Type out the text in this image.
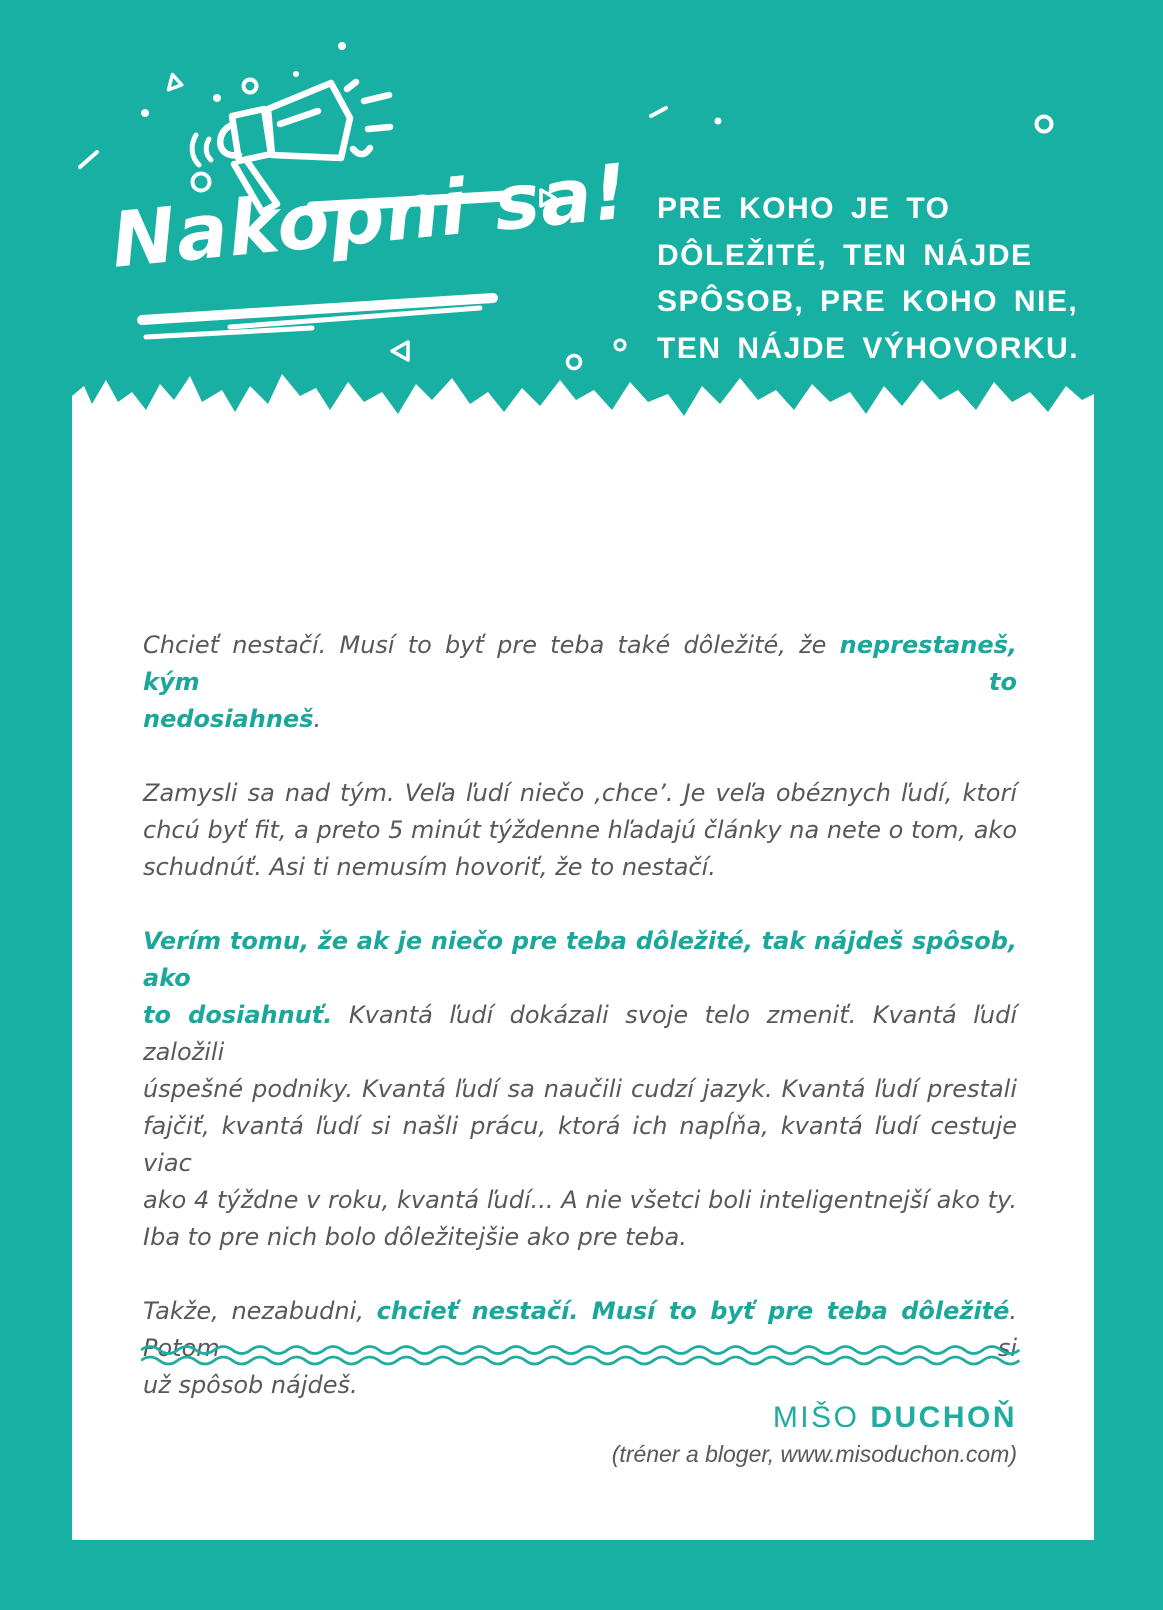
Nakopni sa! PRE KOHO JE TO
DÔLEŽITÉ, TEN NÁJDE
SPÔSOB, PRE KOHO NIE,
TEN NÁJDE VÝHOVORKU.

Chcieť nestačí. Musí to byť pre teba také dôležité, že neprestaneš, kým to
nedosiahneš.

Zamysli sa nad tým. Veľa ľudí niečo ‚chce’. Je veľa obéznych ľudí, ktorí
chcú byť fit, a preto 5 minút týždenne hľadajú články na nete o tom, ako
schudnúť. Asi ti nemusím hovoriť, že to nestačí.

Verím tomu, že ak je niečo pre teba dôležité, tak nájdeš spôsob, ako
to dosiahnuť. Kvantá ľudí dokázali svoje telo zmeniť. Kvantá ľudí založili
úspešné podniky. Kvantá ľudí sa naučili cudzí jazyk. Kvantá ľudí prestali
fajčiť, kvantá ľudí si našli prácu, ktorá ich napĺňa, kvantá ľudí cestuje viac
ako 4 týždne v roku, kvantá ľudí... A nie všetci boli inteligentnejší ako ty.
Iba to pre nich bolo dôležitejšie ako pre teba.

Takže, nezabudni, chcieť nestačí. Musí to byť pre teba dôležité. Potom si
už spôsob nájdeš.

MIŠO DUCHOŇ
(tréner a bloger, www.misoduchon.com)
